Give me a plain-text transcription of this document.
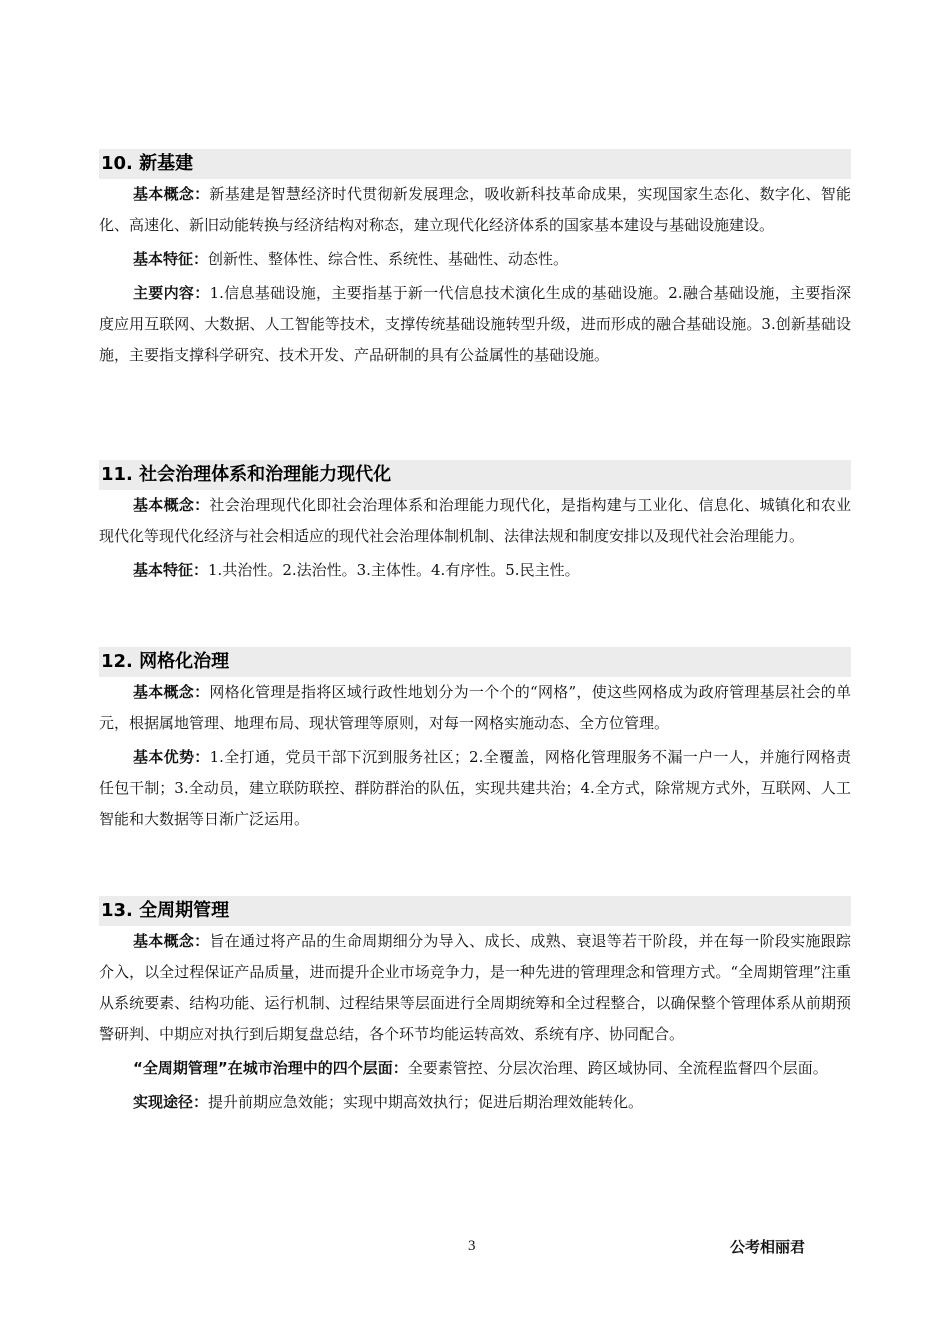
10. 新基建

基本概念：新基建是智慧经济时代贯彻新发展理念，吸收新科技革命成果，实现国家生态化、数字化、智能化、高速化、新旧动能转换与经济结构对称态，建立现代化经济体系的国家基本建设与基础设施建设。

基本特征：创新性、整体性、综合性、系统性、基础性、动态性。

主要内容：1.信息基础设施，主要指基于新一代信息技术演化生成的基础设施。2.融合基础设施，主要指深度应用互联网、大数据、人工智能等技术，支撑传统基础设施转型升级，进而形成的融合基础设施。3.创新基础设施，主要指支撑科学研究、技术开发、产品研制的具有公益属性的基础设施。

11. 社会治理体系和治理能力现代化

基本概念：社会治理现代化即社会治理体系和治理能力现代化，是指构建与工业化、信息化、城镇化和农业现代化等现代化经济与社会相适应的现代社会治理体制机制、法律法规和制度安排以及现代社会治理能力。

基本特征：1.共治性。2.法治性。3.主体性。4.有序性。5.民主性。

12. 网格化治理

基本概念：网格化管理是指将区域行政性地划分为一个个的“网格”，使这些网格成为政府管理基层社会的单元，根据属地管理、地理布局、现状管理等原则，对每一网格实施动态、全方位管理。

基本优势：1.全打通，党员干部下沉到服务社区；2.全覆盖，网格化管理服务不漏一户一人，并施行网格责任包干制；3.全动员，建立联防联控、群防群治的队伍，实现共建共治；4.全方式，除常规方式外，互联网、人工智能和大数据等日渐广泛运用。

13. 全周期管理

基本概念：旨在通过将产品的生命周期细分为导入、成长、成熟、衰退等若干阶段，并在每一阶段实施跟踪介入，以全过程保证产品质量，进而提升企业市场竞争力，是一种先进的管理理念和管理方式。“全周期管理”注重从系统要素、结构功能、运行机制、过程结果等层面进行全周期统筹和全过程整合，以确保整个管理体系从前期预警研判、中期应对执行到后期复盘总结，各个环节均能运转高效、系统有序、协同配合。

“全周期管理”在城市治理中的四个层面：全要素管控、分层次治理、跨区域协同、全流程监督四个层面。

实现途径：提升前期应急效能；实现中期高效执行；促进后期治理效能转化。

3	公考相丽君
